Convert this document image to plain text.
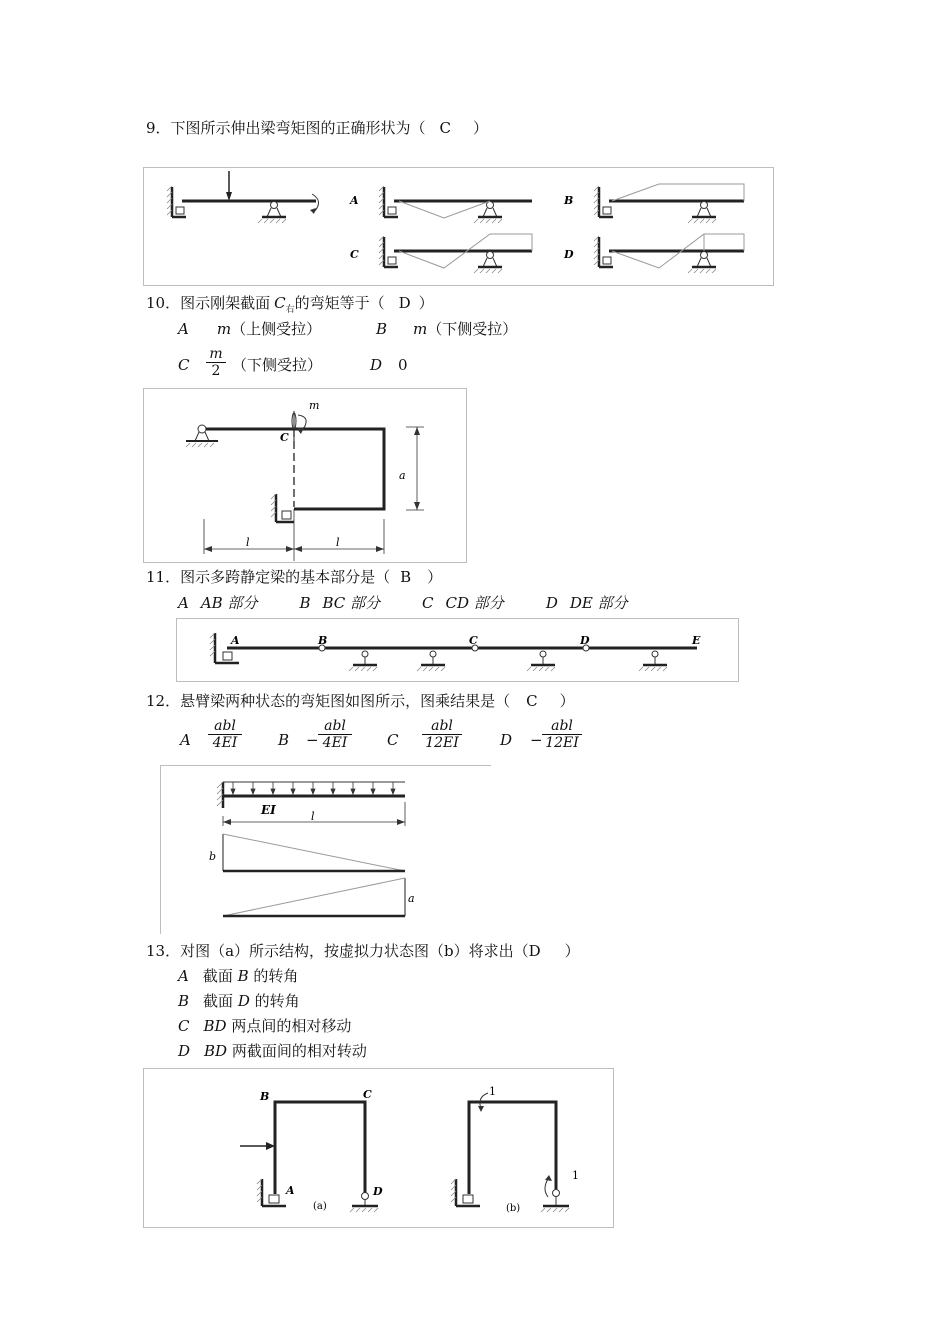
9．下图所示伸出梁弯矩图的正确形状为（ C ）
A	B
C	D
10．图示刚架截面 $C_右$的弯矩等于（ D ）
A m（上侧受拉）	B m（下侧受拉）
C $\frac{m}{2}$ （下侧受拉）	D 0
m
C
a
l	l
11．图示多跨静定梁的基本部分是（ B ）
A AB 部分	B BC 部分	C CD 部分	D DE 部分
A	B	C	D	E
12．悬臂梁两种状态的弯矩图如图所示，图乘结果是（ C ）
A
abl
4EI	B −
abl
4EI	C
abl
12EI	D −
abl
12EI
EI	l
b
a
13．对图（a）所示结构，按虚拟力状态图（b）将求出（D ）
A 截面 B 的转角
B 截面 D 的转角
C BD 两点间的相对移动
D BD 两截面间的相对转动
B	C
A	D
(a)
1
1
(b)
